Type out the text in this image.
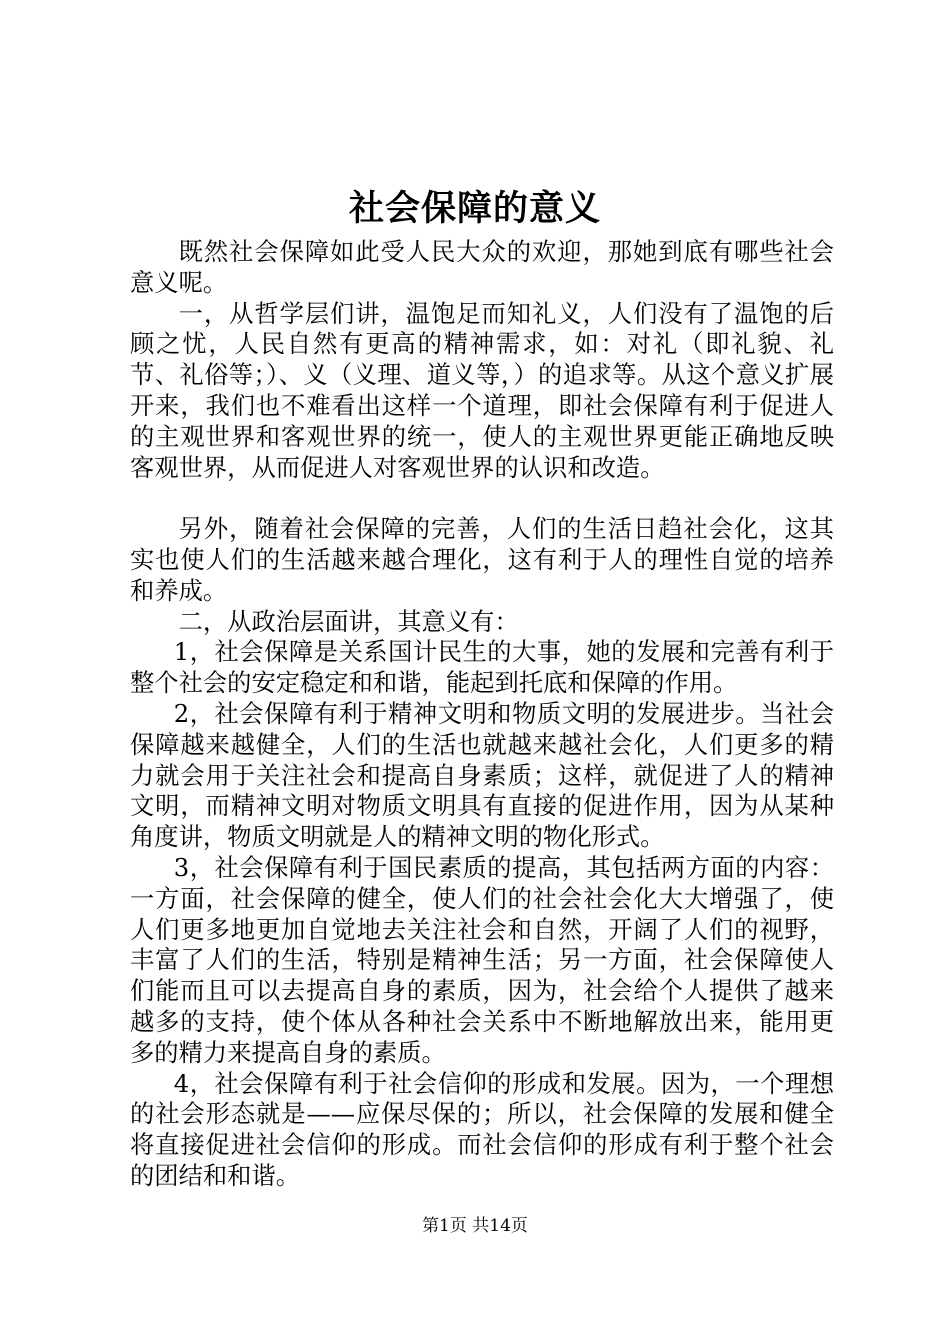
社会保障的意义

既然社会保障如此受人民大众的欢迎，那她到底有哪些社会意义呢。

一，从哲学层们讲，温饱足而知礼义，人们没有了温饱的后顾之忧，人民自然有更高的精神需求，如：对礼（即礼貌、礼节、礼俗等；）、义（义理、道义等，）的追求等。从这个意义扩展开来，我们也不难看出这样一个道理，即社会保障有利于促进人的主观世界和客观世界的统一，使人的主观世界更能正确地反映客观世界，从而促进人对客观世界的认识和改造。

另外，随着社会保障的完善，人们的生活日趋社会化，这其实也使人们的生活越来越合理化，这有利于人的理性自觉的培养和养成。

二，从政治层面讲，其意义有：

1，社会保障是关系国计民生的大事，她的发展和完善有利于整个社会的安定稳定和和谐，能起到托底和保障的作用。

2，社会保障有利于精神文明和物质文明的发展进步。当社会保障越来越健全，人们的生活也就越来越社会化，人们更多的精力就会用于关注社会和提高自身素质；这样，就促进了人的精神文明，而精神文明对物质文明具有直接的促进作用，因为从某种角度讲，物质文明就是人的精神文明的物化形式。

3，社会保障有利于国民素质的提高，其包括两方面的内容：一方面，社会保障的健全，使人们的社会社会化大大增强了，使人们更多地更加自觉地去关注社会和自然，开阔了人们的视野，丰富了人们的生活，特别是精神生活；另一方面，社会保障使人们能而且可以去提高自身的素质，因为，社会给个人提供了越来越多的支持，使个体从各种社会关系中不断地解放出来，能用更多的精力来提高自身的素质。

4，社会保障有利于社会信仰的形成和发展。因为，一个理想的社会形态就是——应保尽保的；所以，社会保障的发展和健全将直接促进社会信仰的形成。而社会信仰的形成有利于整个社会的团结和和谐。

第1页 共14页
